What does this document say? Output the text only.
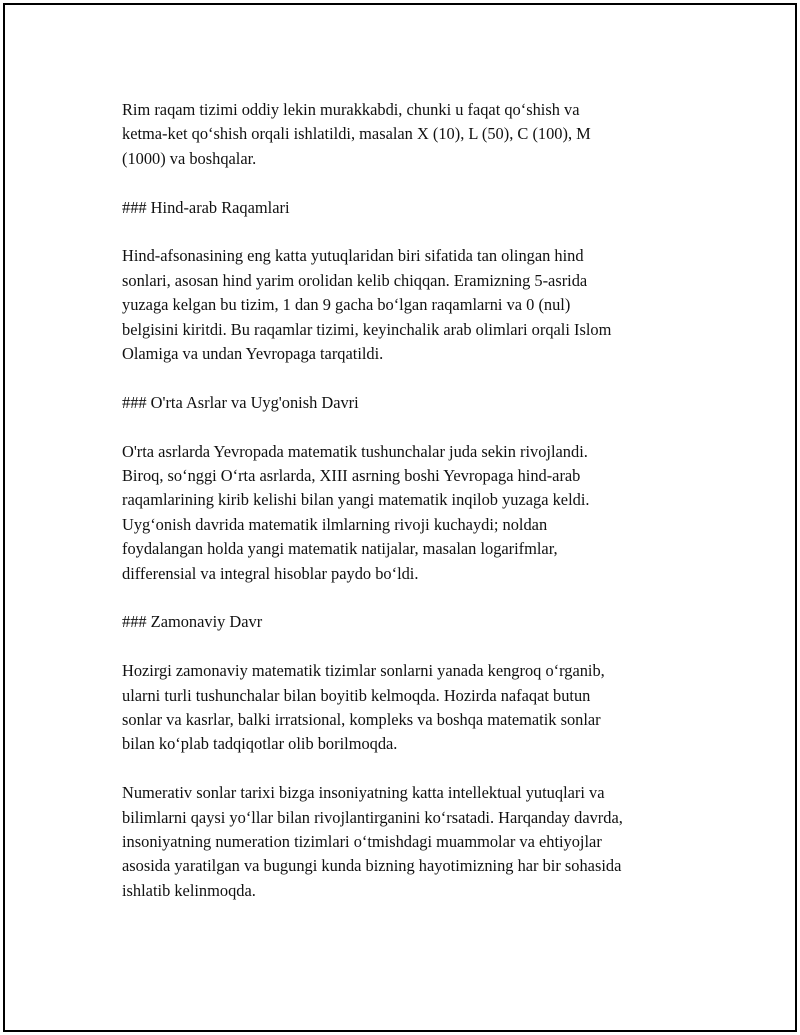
Rim raqam tizimi oddiy lekin murakkabdi, chunki u faqat qo‘shish va
ketma-ket qo‘shish orqali ishlatildi, masalan X (10), L (50), C (100), M
(1000) va boshqalar.

### Hind-arab Raqamlari

Hind-afsonasining eng katta yutuqlaridan biri sifatida tan olingan hind
sonlari, asosan hind yarim orolidan kelib chiqqan. Eramizning 5-asrida
yuzaga kelgan bu tizim, 1 dan 9 gacha bo‘lgan raqamlarni va 0 (nul)
belgisini kiritdi. Bu raqamlar tizimi, keyinchalik arab olimlari orqali Islom
Olamiga va undan Yevropaga tarqatildi.

### O'rta Asrlar va Uyg'onish Davri

O'rta asrlarda Yevropada matematik tushunchalar juda sekin rivojlandi.
Biroq, so‘nggi O‘rta asrlarda, XIII asrning boshi Yevropaga hind-arab
raqamlarining kirib kelishi bilan yangi matematik inqilob yuzaga keldi.
Uyg‘onish davrida matematik ilmlarning rivoji kuchaydi; noldan
foydalangan holda yangi matematik natijalar, masalan logarifmlar,
differensial va integral hisoblar paydo bo‘ldi.

### Zamonaviy Davr

Hozirgi zamonaviy matematik tizimlar sonlarni yanada kengroq o‘rganib,
ularni turli tushunchalar bilan boyitib kelmoqda. Hozirda nafaqat butun
sonlar va kasrlar, balki irratsional, kompleks va boshqa matematik sonlar
bilan ko‘plab tadqiqotlar olib borilmoqda.

Numerativ sonlar tarixi bizga insoniyatning katta intellektual yutuqlari va
bilimlarni qaysi yo‘llar bilan rivojlantirganini ko‘rsatadi. Harqanday davrda,
insoniyatning numeration tizimlari o‘tmishdagi muammolar va ehtiyojlar
asosida yaratilgan va bugungi kunda bizning hayotimizning har bir sohasida
ishlatib kelinmoqda.
